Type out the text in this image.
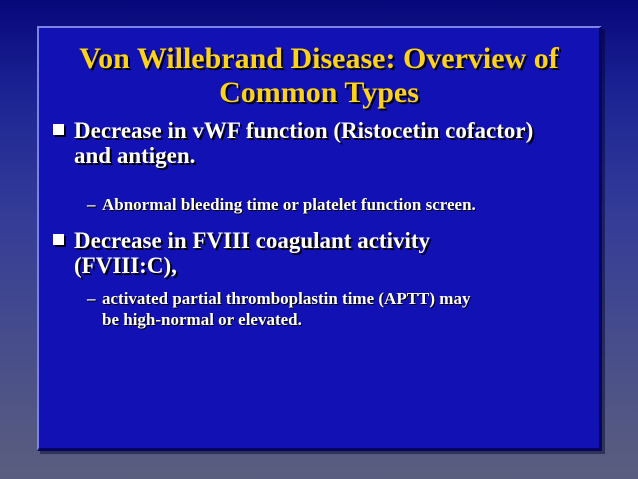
Von Willebrand Disease: Overview of
Common Types
Decrease in vWF function (Ristocetin cofactor)
and antigen.
– Abnormal bleeding time or platelet function screen.
Decrease in FVIII coagulant activity
(FVIII:C),
– activated partial thromboplastin time (APTT) may
be high-normal or elevated.
